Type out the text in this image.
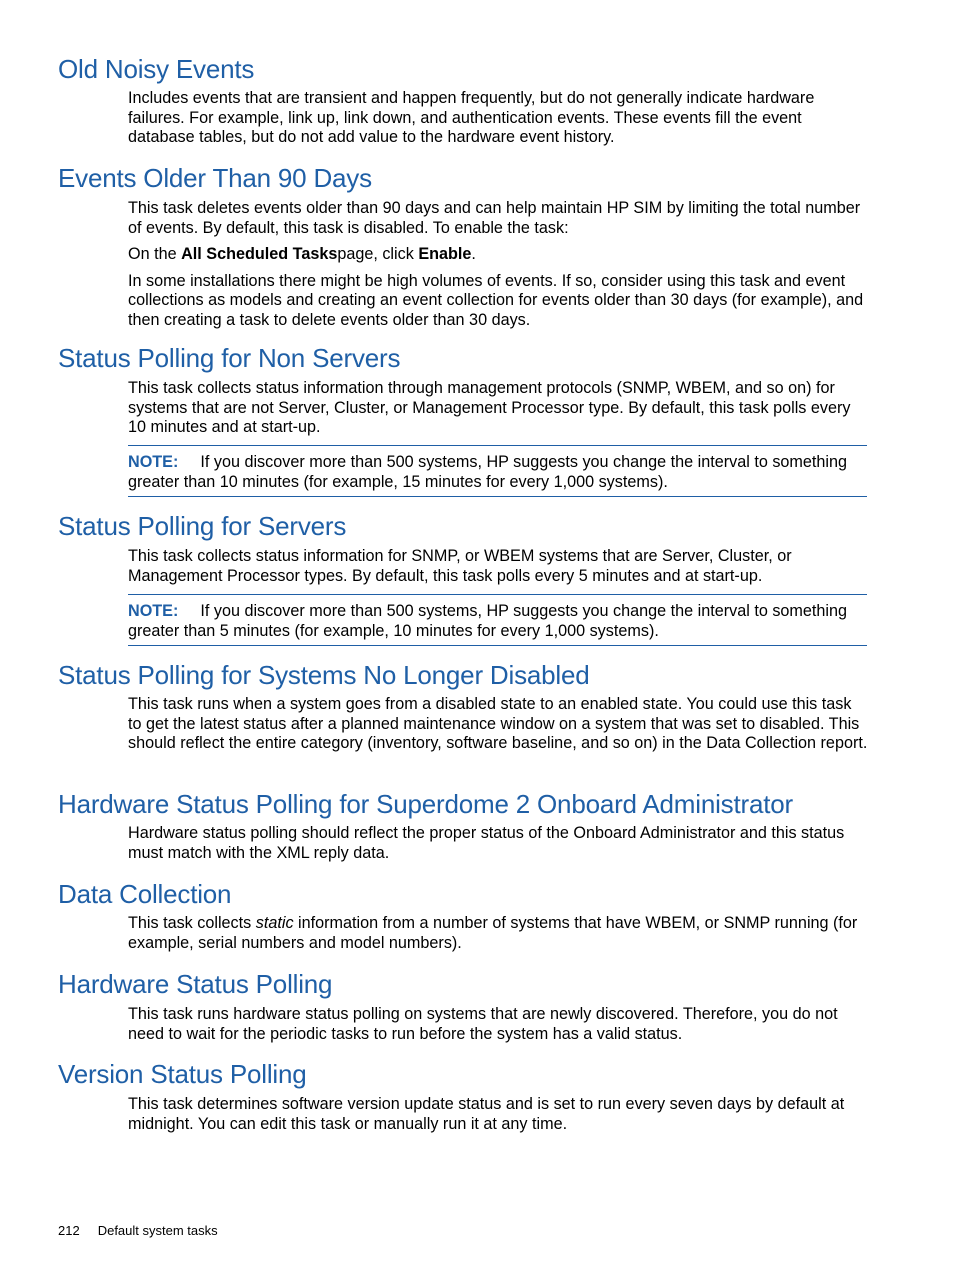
Old Noisy Events

Includes events that are transient and happen frequently, but do not generally indicate hardware failures. For example, link up, link down, and authentication events. These events fill the event database tables, but do not add value to the hardware event history.

Events Older Than 90 Days

This task deletes events older than 90 days and can help maintain HP SIM by limiting the total number of events. By default, this task is disabled. To enable the task:

On the All Scheduled Taskspage, click Enable.

In some installations there might be high volumes of events. If so, consider using this task and event collections as models and creating an event collection for events older than 30 days (for example), and then creating a task to delete events older than 30 days.

Status Polling for Non Servers

This task collects status information through management protocols (SNMP, WBEM, and so on) for systems that are not Server, Cluster, or Management Processor type. By default, this task polls every 10 minutes and at start-up.

NOTE: If you discover more than 500 systems, HP suggests you change the interval to something greater than 10 minutes (for example, 15 minutes for every 1,000 systems).
Status Polling for Servers

This task collects status information for SNMP, or WBEM systems that are Server, Cluster, or Management Processor types. By default, this task polls every 5 minutes and at start-up.

NOTE: If you discover more than 500 systems, HP suggests you change the interval to something greater than 5 minutes (for example, 10 minutes for every 1,000 systems).
Status Polling for Systems No Longer Disabled

This task runs when a system goes from a disabled state to an enabled state. You could use this task to get the latest status after a planned maintenance window on a system that was set to disabled. This should reflect the entire category (inventory, software baseline, and so on) in the Data Collection report.

Hardware Status Polling for Superdome 2 Onboard Administrator

Hardware status polling should reflect the proper status of the Onboard Administrator and this status must match with the XML reply data.

Data Collection

This task collects static information from a number of systems that have WBEM, or SNMP running (for example, serial numbers and model numbers).

Hardware Status Polling

This task runs hardware status polling on systems that are newly discovered. Therefore, you do not need to wait for the periodic tasks to run before the system has a valid status.

Version Status Polling

This task determines software version update status and is set to run every seven days by default at midnight. You can edit this task or manually run it at any time.

212 Default system tasks
